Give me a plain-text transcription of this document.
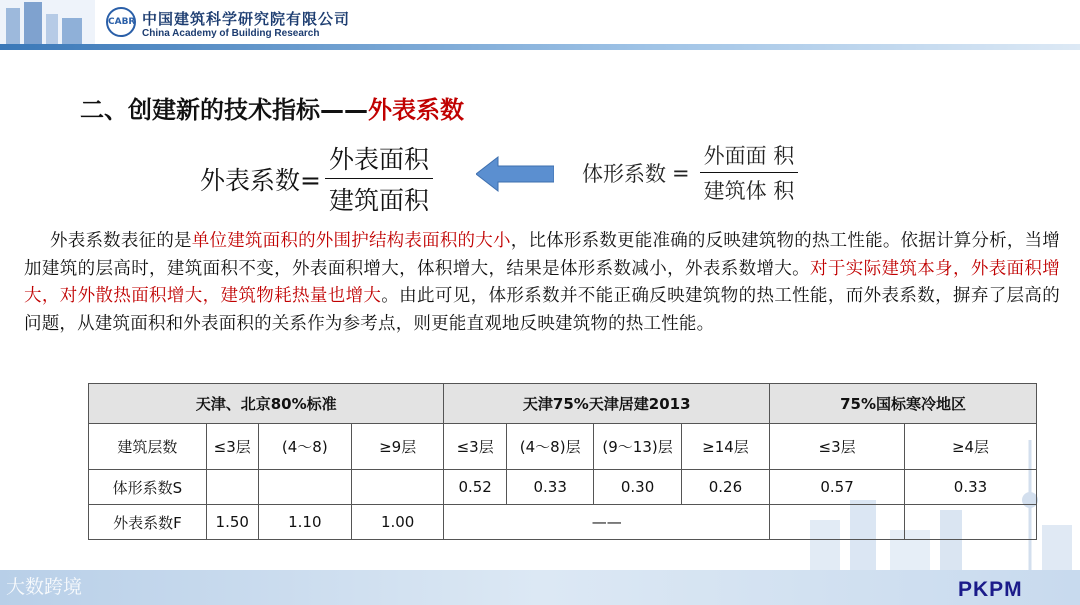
CABR 中国建筑科学研究院有限公司
China Academy of Building Research
二、创建新的技术指标——外表系数
外表系数= $\frac{\text{外表面积}}{\text{建筑面积}}$	体形系数 = $\frac{\text{外面面 积}}{\text{建筑体 积}}$
外表系数表征的是单位建筑面积的外围护结构表面积的大小，比体形系数更能准确的反映建筑物的热工性能。依据计算分析，当增加建筑的层高时，建筑面积不变，外表面积增大，体积增大，结果是体形系数减小，外表系数增大。对于实际建筑本身，外表面积增大，对外散热面积增大，建筑物耗热量也增大。由此可见，体形系数并不能正确反映建筑物的热工性能，而外表系数，摒弃了层高的问题，从建筑面积和外表面积的关系作为参考点，则更能直观地反映建筑物的热工性能。
天津、北京80%标准				天津75%天津居建2013				75%国标寒冷地区	
建筑层数	≤3层	(4～8)	≥9层	≤3层	(4～8)层	(9～13)层	≥14层	≤3层	≥4层
体形系数S				0.52	0.33	0.30	0.26	0.57	0.33
外表系数F	1.50	1.10	1.00	——					
大数跨境	PKPM
